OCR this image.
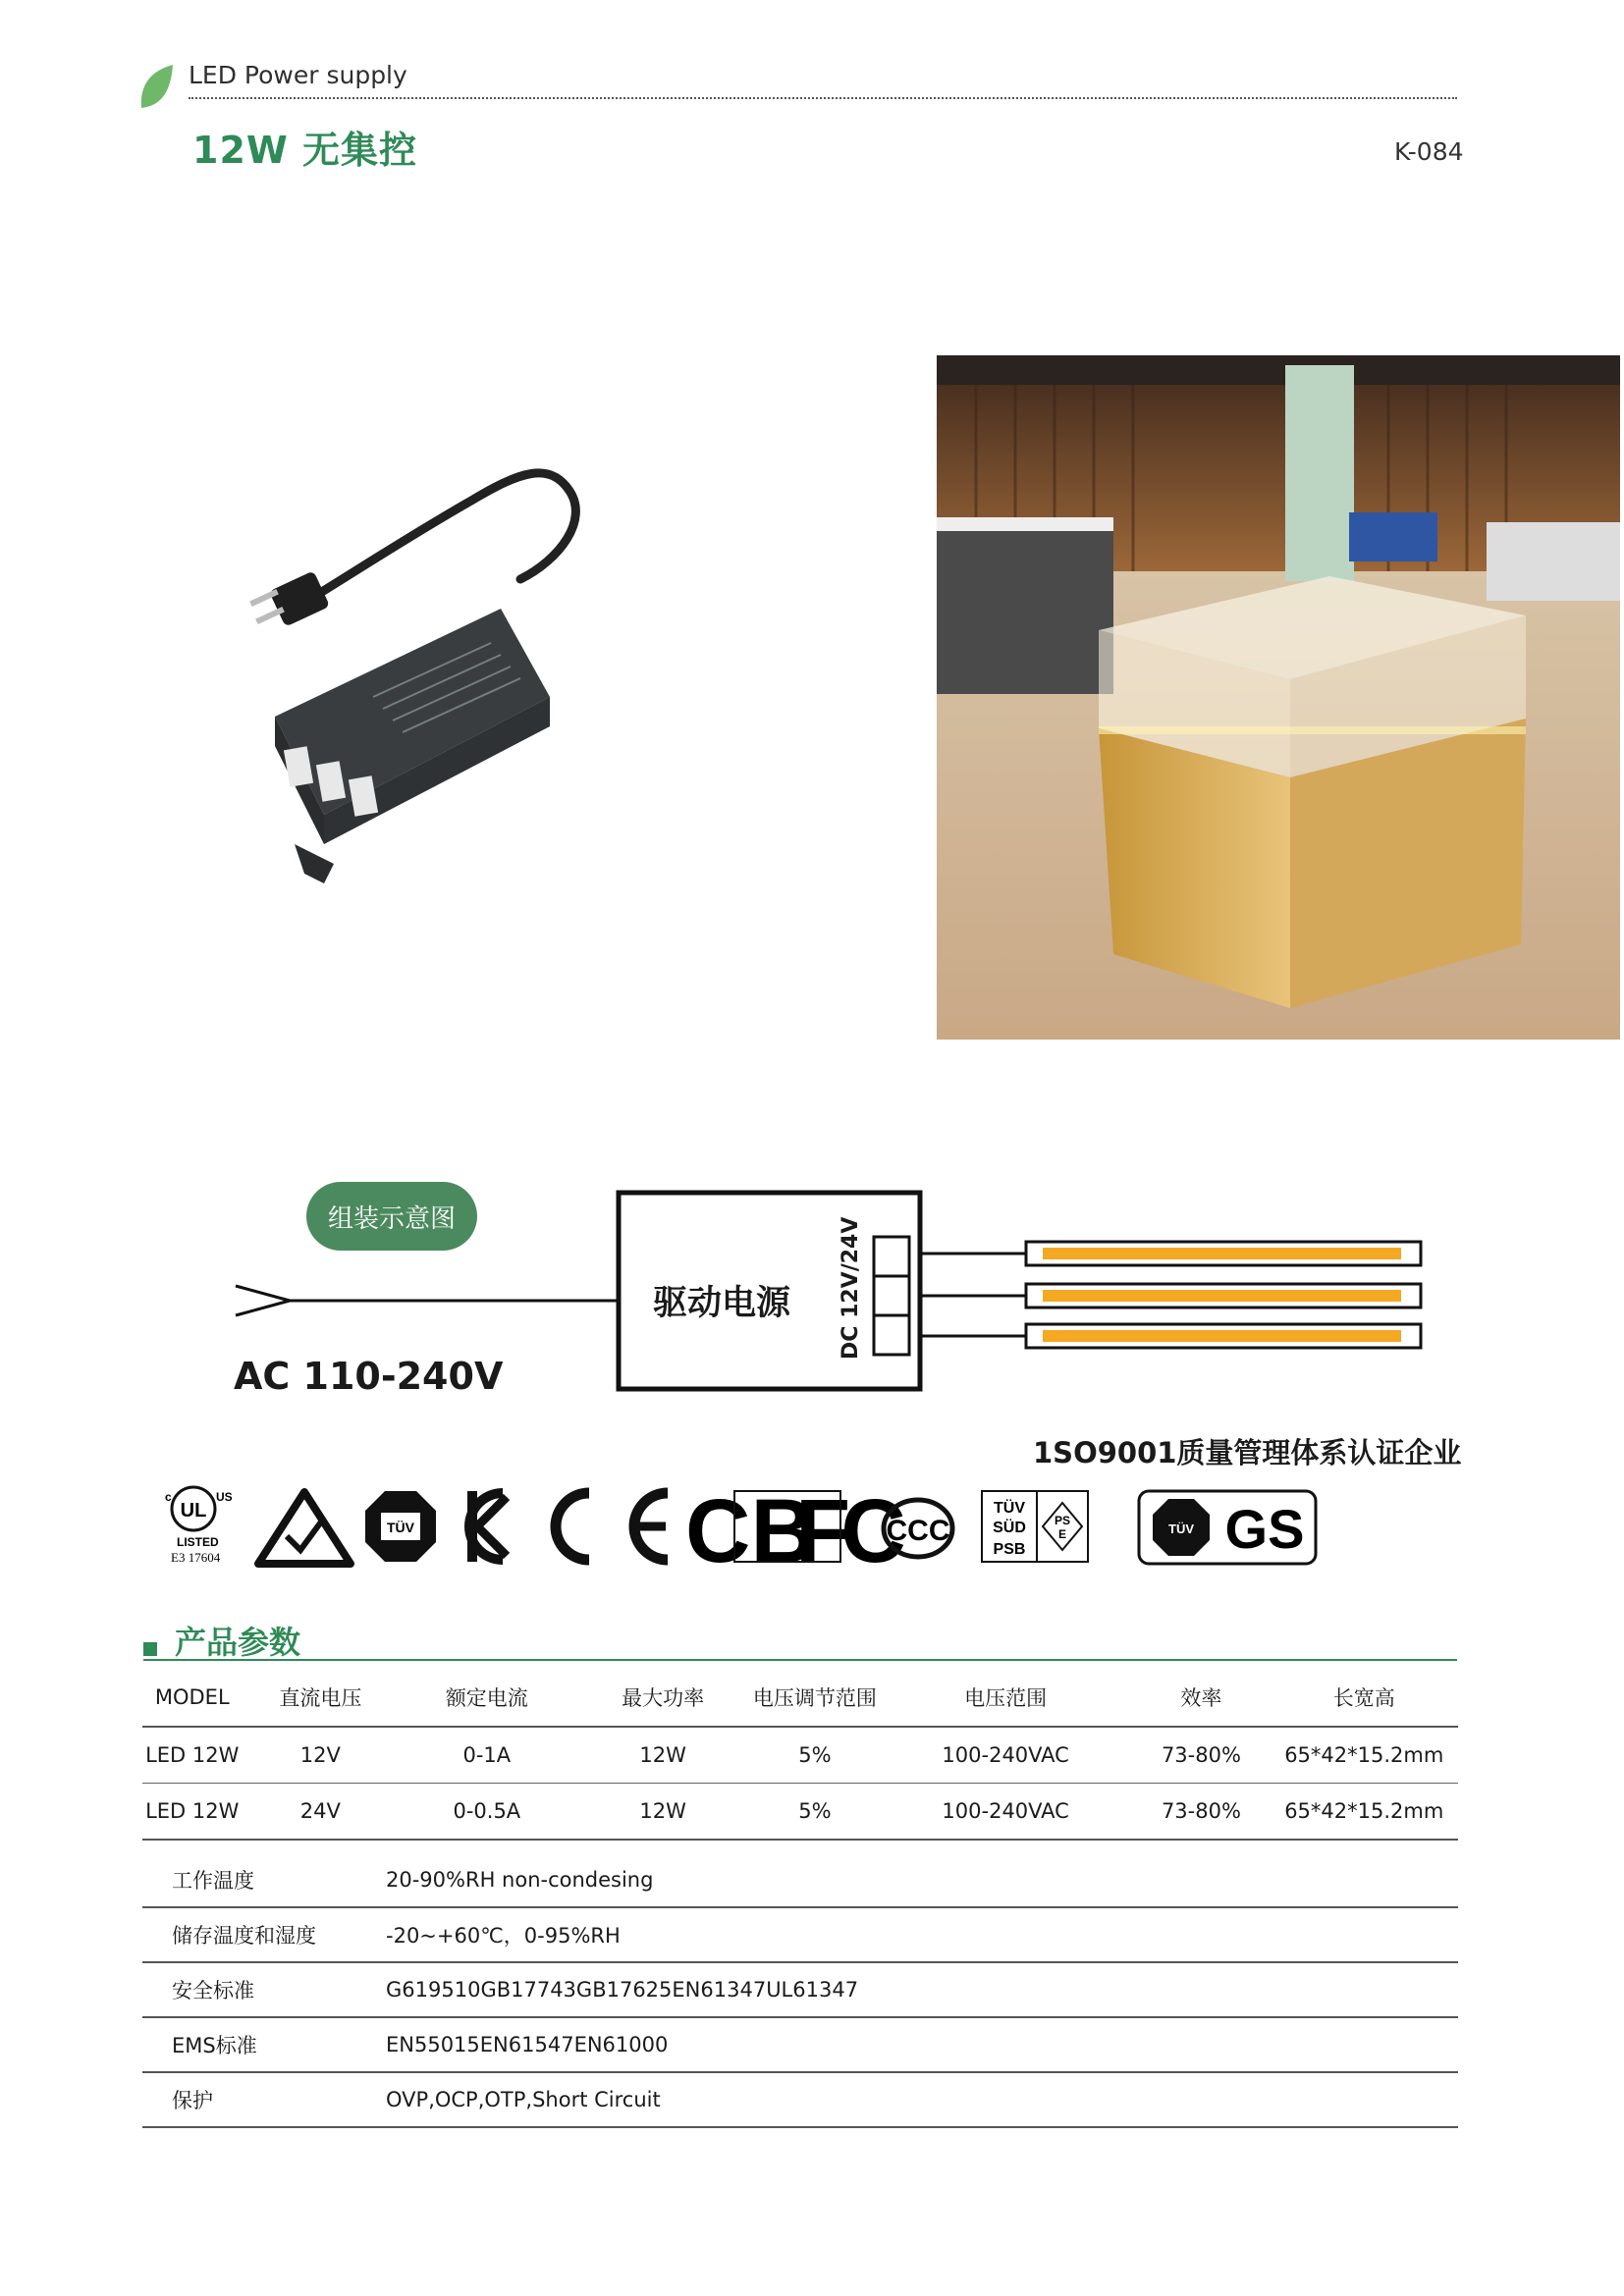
LED Power supply
12W 无集控	K-084
组装示意图
驱动电源 DC 12V/24V
AC 110-240V
1SO9001质量管理体系认证企业
UL
c	US
LISTED
E3 17604
TÜV	CB
FC
CCC
TÜV
SÜD
PSB
PS
E	TÜV GS
产品参数
MODEL	直流电压	额定电流	最大功率	电压调节范围	电压范围	效率	长宽高
LED 12W	12V	0-1A	12W	5%	100-240VAC	73-80%	65*42*15.2mm
LED 12W	24V	0-0.5A	12W	5%	100-240VAC	73-80%	65*42*15.2mm
工作温度	20-90%RH non-condesing
储存温度和湿度	-20~+60℃，0-95%RH
安全标准	G619510GB17743GB17625EN61347UL61347
EMS标准	EN55015EN61547EN61000
保护	OVP,OCP,OTP,Short Circuit
